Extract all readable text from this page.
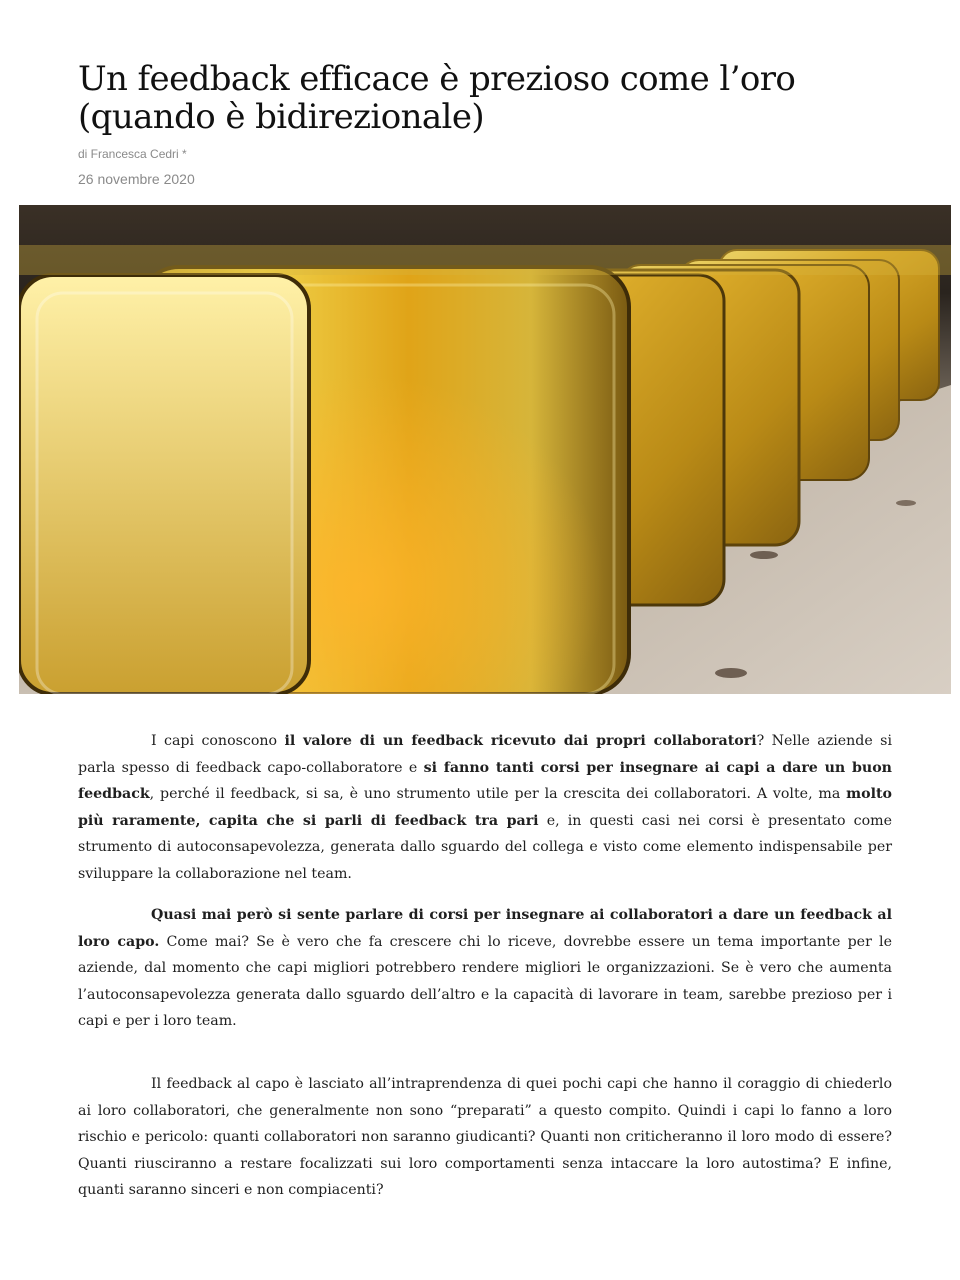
Un feedback efficace è prezioso come l’oro (quando è bidirezionale)
di Francesca Cedri *
26 novembre 2020

I capi conoscono il valore di un feedback ricevuto dai propri collaboratori? Nelle aziende si parla spesso di feedback capo-collaboratore e si fanno tanti corsi per insegnare ai capi a dare un buon feedback, perché il feedback, si sa, è uno strumento utile per la crescita dei collaboratori. A volte, ma molto più raramente, capita che si parli di feedback tra pari e, in questi casi nei corsi è presentato come strumento di autoconsapevolezza, generata dallo sguardo del collega e visto come elemento indispensabile per sviluppare la collaborazione nel team.

Quasi mai però si sente parlare di corsi per insegnare ai collaboratori a dare un feedback al loro capo. Come mai? Se è vero che fa crescere chi lo riceve, dovrebbe essere un tema importante per le aziende, dal momento che capi migliori potrebbero rendere migliori le organizzazioni. Se è vero che aumenta l’autoconsapevolezza generata dallo sguardo dell’altro e la capacità di lavorare in team, sarebbe prezioso per i capi e per i loro team.

Il feedback al capo è lasciato all’intraprendenza di quei pochi capi che hanno il coraggio di chiederlo ai loro collaboratori, che generalmente non sono “preparati” a questo compito. Quindi i capi lo fanno a loro rischio e pericolo: quanti collaboratori non saranno giudicanti? Quanti non criticheranno il loro modo di essere? Quanti riusciranno a restare focalizzati sui loro comportamenti senza intaccare la loro autostima? E infine, quanti saranno sinceri e non compiacenti?
